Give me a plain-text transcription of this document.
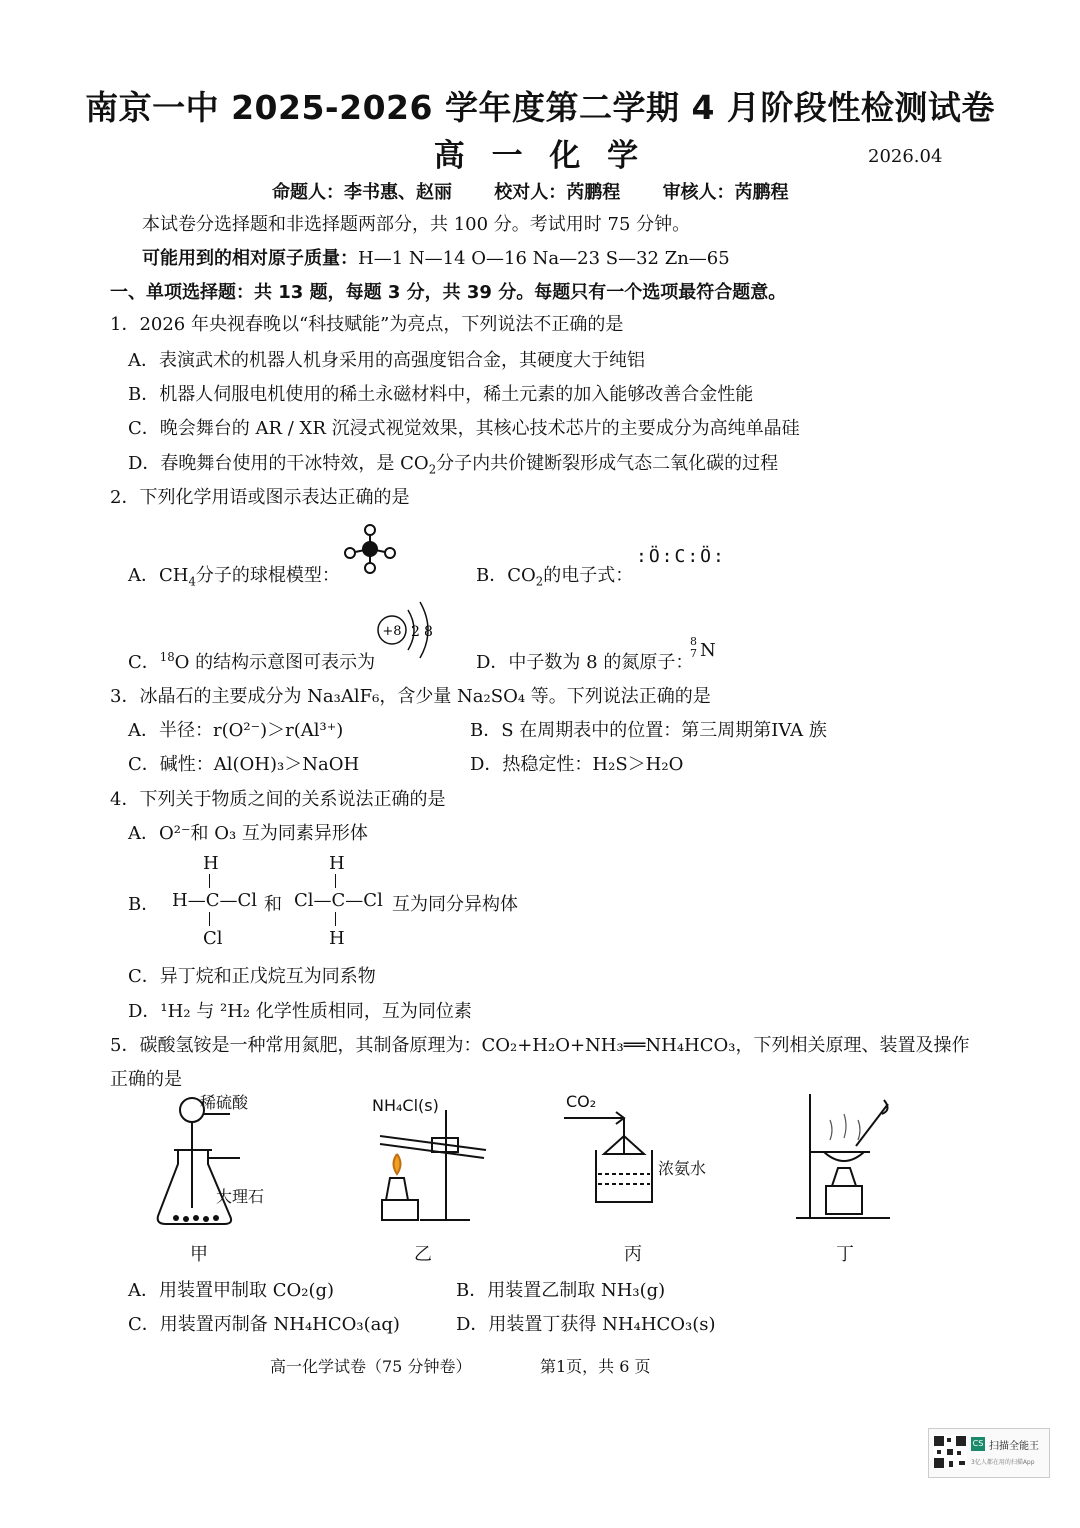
南京一中 2025-2026 学年度第二学期 4 月阶段性检测试卷
高 一 化 学	2026.04
命题人：李书惠、赵丽 校对人：芮鹏程 审核人：芮鹏程
本试卷分选择题和非选择题两部分，共 100 分。考试用时 75 分钟。
可能用到的相对原子质量：H—1 N—14 O—16 Na—23 S—32 Zn—65
一、单项选择题：共 13 题，每题 3 分，共 39 分。每题只有一个选项最符合题意。
1．2026 年央视春晚以“科技赋能”为亮点，下列说法不正确的是
A．表演武术的机器人机身采用的高强度铝合金，其硬度大于纯铝
B．机器人伺服电机使用的稀土永磁材料中，稀土元素的加入能够改善合金性能
C．晚会舞台的 AR / XR 沉浸式视觉效果，其核心技术芯片的主要成分为高纯单晶硅
D．春晚舞台使用的干冰特效，是 $CO_2$分子内共价键断裂形成气态二氧化碳的过程
2．下列化学用语或图示表达正确的是
A．$CH_4$分子的球棍模型：	B．$CO_2$的电子式：
:Ö:C:Ö:
C．$^{18}$O 的结构示意图可表示为
+8 2 8
D．中子数为 8 的氮原子：
8
7 N
3．冰晶石的主要成分为 Na₃AlF₆，含少量 Na₂SO₄ 等。下列说法正确的是
A．半径：r(O²⁻)＞r(Al³⁺)	B．S 在周期表中的位置：第三周期第IVA 族
C．碱性：Al(OH)₃＞NaOH	D．热稳定性：H₂S＞H₂O
4．下列关于物质之间的关系说法正确的是
A．O²⁻和 O₃ 互为同素异形体
B．
H
H—C—Cl
Cl
和
H
Cl—C—Cl
H
互为同分异构体
C．异丁烷和正戊烷互为同系物
D．¹H₂ 与 ²H₂ 化学性质相同，互为同位素
5．碳酸氢铵是一种常用氮肥，其制备原理为：CO₂+H₂O+NH₃══NH₄HCO₃，下列相关原理、装置及操作
正确的是
稀硫酸
大理石
甲
NH₄Cl(s)
乙
CO₂
浓氨水
丙	丁
A．用装置甲制取 CO₂(g)	B．用装置乙制取 NH₃(g)
C．用装置丙制备 NH₄HCO₃(aq)	D．用装置丁获得 NH₄HCO₃(s)
高一化学试卷（75 分钟卷）	第1页，共 6 页
CS 扫描全能王
3亿人都在用的扫描App
